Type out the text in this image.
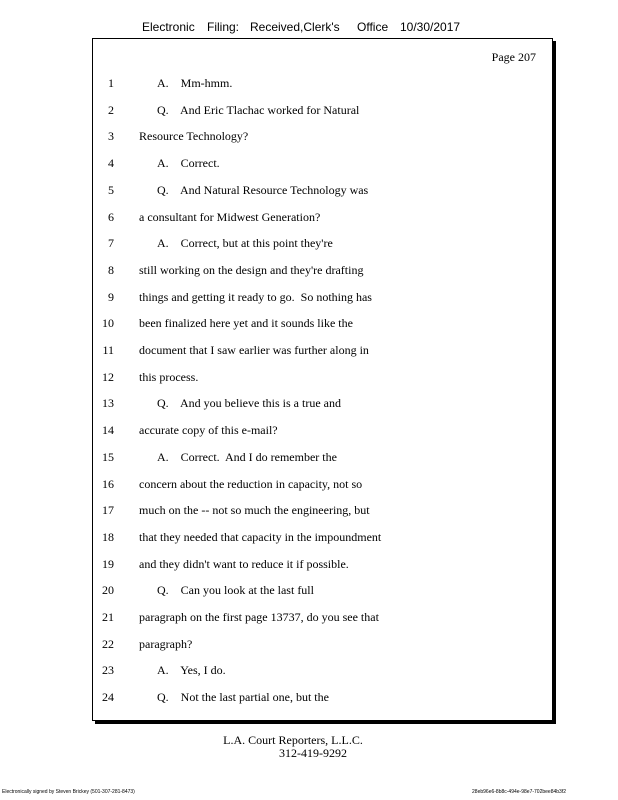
Electronic Filing: Received,Clerk's Office 10/30/2017
Page 207
1	A.    Mm-hmm.
2	Q.    And Eric Tlachac worked for Natural
3 Resource Technology?
4	A.    Correct.
5	Q.    And Natural Resource Technology was
6 a consultant for Midwest Generation?
7	A.    Correct, but at this point they're
8 still working on the design and they're drafting
9 things and getting it ready to go.  So nothing has
10 been finalized here yet and it sounds like the
11 document that I saw earlier was further along in
12 this process.
13	Q.    And you believe this is a true and
14 accurate copy of this e-mail?
15	A.    Correct.  And I do remember the
16 concern about the reduction in capacity, not so
17 much on the -- not so much the engineering, but
18 that they needed that capacity in the impoundment
19 and they didn't want to reduce it if possible.
20	Q.    Can you look at the last full
21 paragraph on the first page 13737, do you see that
22 paragraph?
23	A.    Yes, I do.
24	Q.    Not the last partial one, but the
L.A. Court Reporters, L.L.C.
312-419-9292
Electronically signed by Steven Brickey (501-307-281-8473)	28eb96e6-8b8c-494e-98e7-702bee84b3f2
